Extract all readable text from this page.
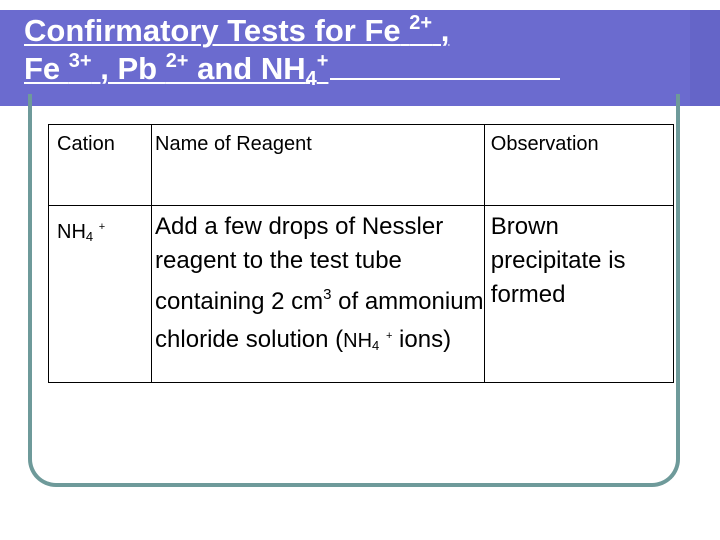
Confirmatory Tests for Fe $^{2+}$ ,
Fe $^{3+}$ , Pb $^{2+}$ and $NH_4^+$
Cation	Name of Reagent	Observation
NH4 +	Add a few drops of Nessler reagent to the test tube containing 2 $cm^3$ of ammonium chloride solution (NH4 + ions)	Brown precipitate is formed
